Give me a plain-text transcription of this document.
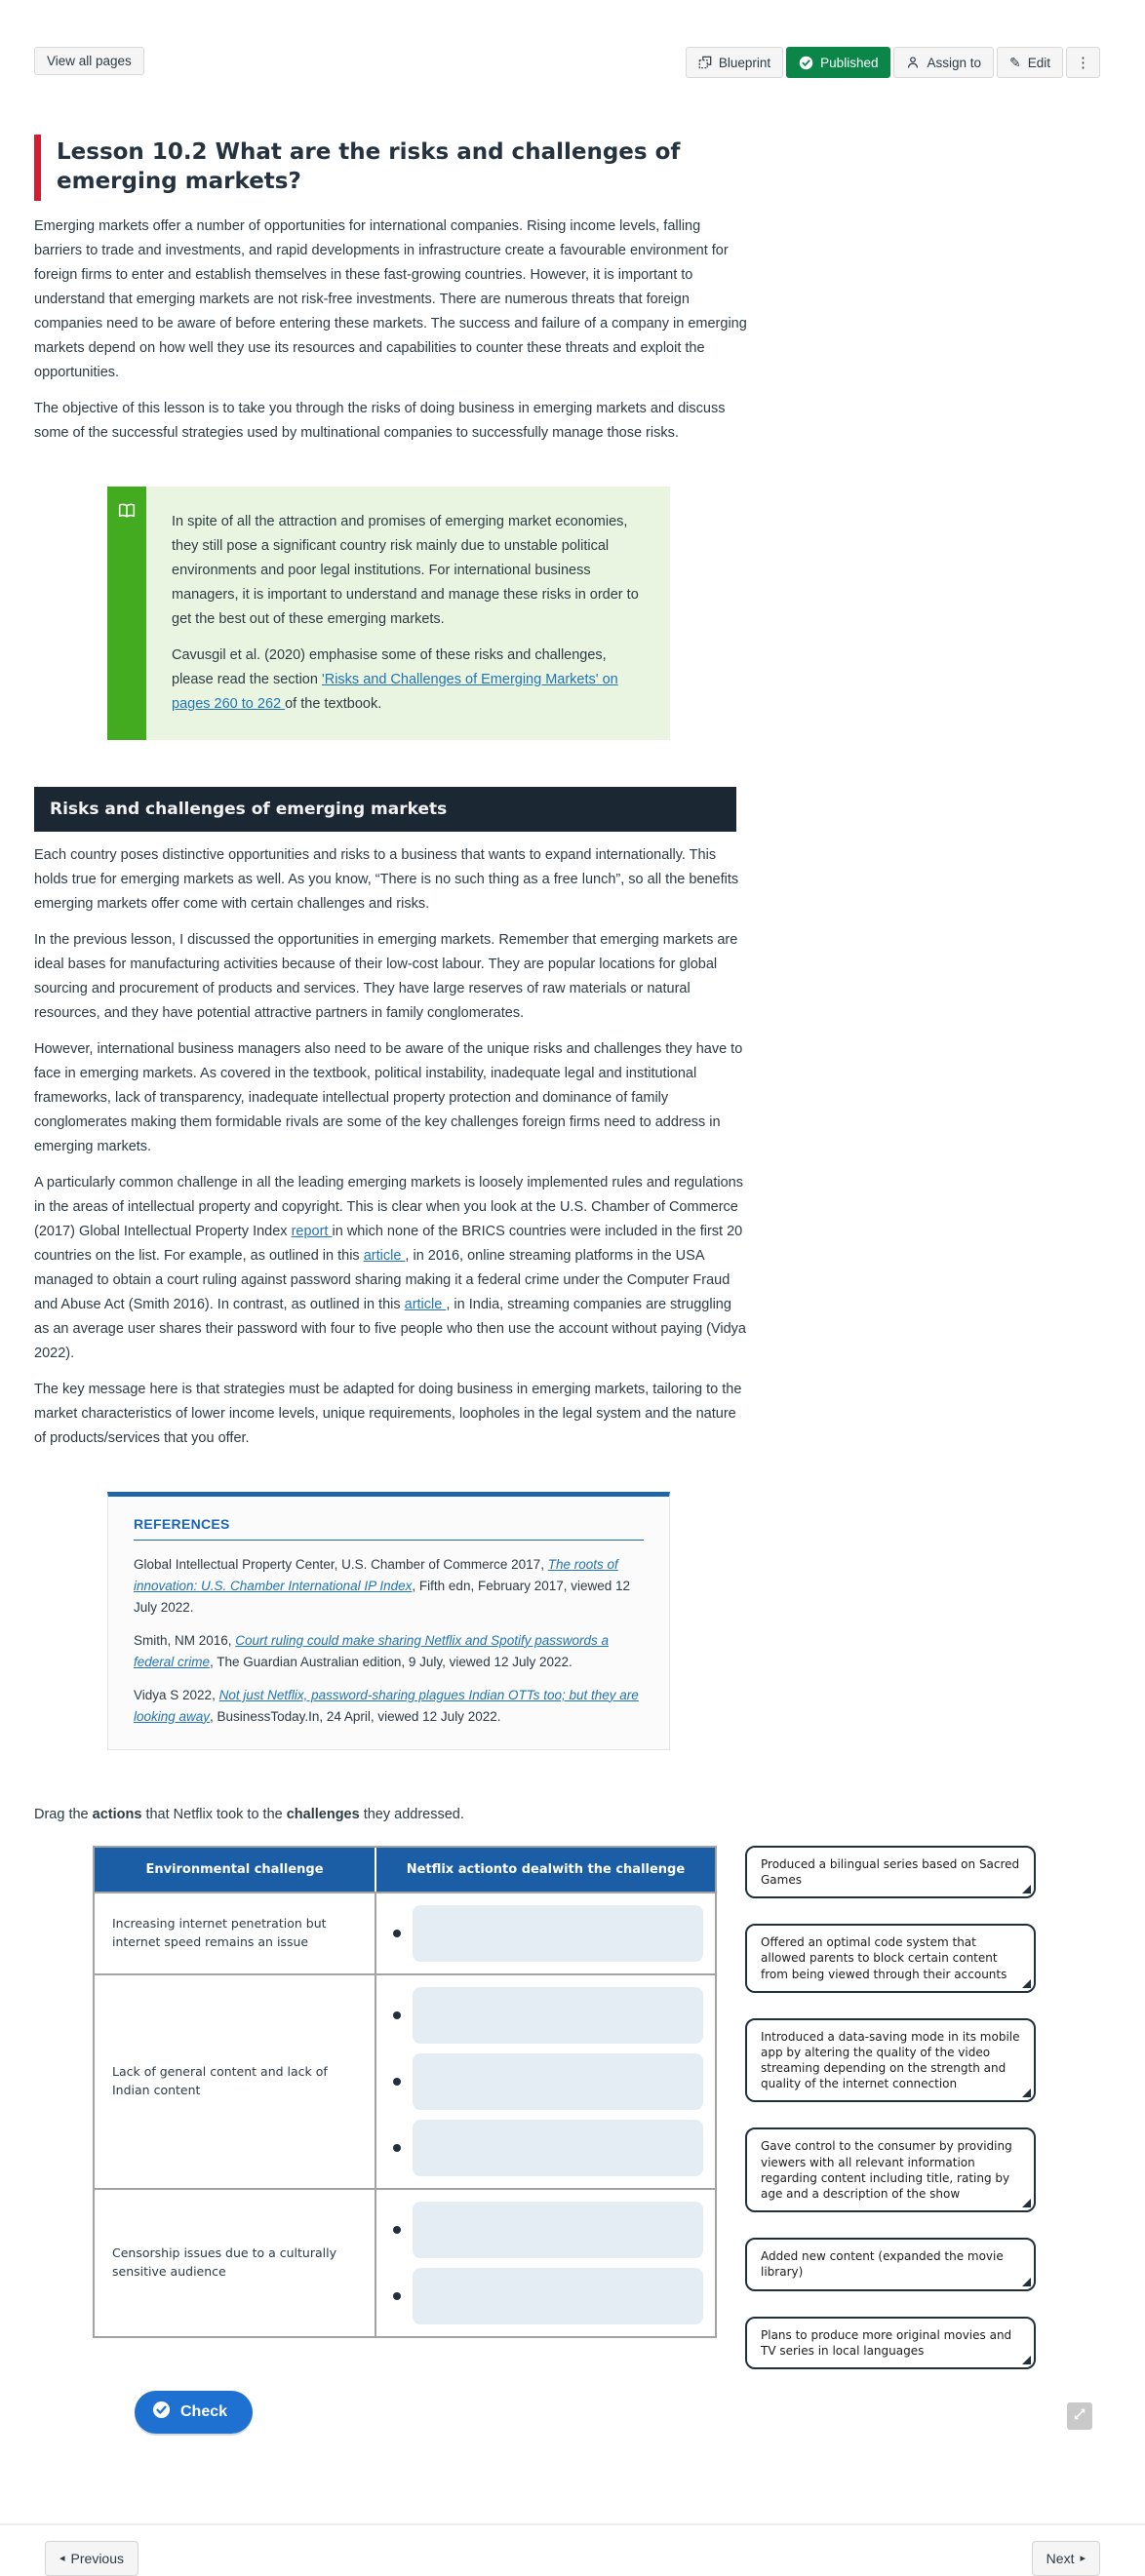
View all pages	Blueprint	Published	Assign to ✎ Edit	⋮
Lesson 10.2 What are the risks and challenges of emerging markets?

Emerging markets offer a number of opportunities for international companies. Rising income levels, falling barriers to trade and investments, and rapid developments in infrastructure create a favourable environment for foreign firms to enter and establish themselves in these fast-growing countries. However, it is important to understand that emerging markets are not risk-free investments. There are numerous threats that foreign companies need to be aware of before entering these markets. The success and failure of a company in emerging markets depend on how well they use its resources and capabilities to counter these threats and exploit the opportunities.

The objective of this lesson is to take you through the risks of doing business in emerging markets and discuss some of the successful strategies used by multinational companies to successfully manage those risks.

In spite of all the attraction and promises of emerging market economies, they still pose a significant country risk mainly due to unstable political environments and poor legal institutions. For international business managers, it is important to understand and manage these risks in order to get the best out of these emerging markets.

Cavusgil et al. (2020) emphasise some of these risks and challenges, please read the section 'Risks and Challenges of Emerging Markets' on pages 260 to 262 of the textbook.

Risks and challenges of emerging markets

Each country poses distinctive opportunities and risks to a business that wants to expand internationally. This holds true for emerging markets as well. As you know, “There is no such thing as a free lunch”, so all the benefits emerging markets offer come with certain challenges and risks.

In the previous lesson, I discussed the opportunities in emerging markets. Remember that emerging markets are ideal bases for manufacturing activities because of their low-cost labour. They are popular locations for global sourcing and procurement of products and services. They have large reserves of raw materials or natural resources, and they have potential attractive partners in family conglomerates.

However, international business managers also need to be aware of the unique risks and challenges they have to face in emerging markets. As covered in the textbook, political instability, inadequate legal and institutional frameworks, lack of transparency, inadequate intellectual property protection and dominance of family conglomerates making them formidable rivals are some of the key challenges foreign firms need to address in emerging markets.

A particularly common challenge in all the leading emerging markets is loosely implemented rules and regulations in the areas of intellectual property and copyright. This is clear when you look at the U.S. Chamber of Commerce (2017) Global Intellectual Property Index report in which none of the BRICS countries were included in the first 20 countries on the list. For example, as outlined in this article , in 2016, online streaming platforms in the USA managed to obtain a court ruling against password sharing making it a federal crime under the Computer Fraud and Abuse Act (Smith 2016). In contrast, as outlined in this article , in India, streaming companies are struggling as an average user shares their password with four to five people who then use the account without paying (Vidya 2022).

The key message here is that strategies must be adapted for doing business in emerging markets, tailoring to the market characteristics of lower income levels, unique requirements, loopholes in the legal system and the nature of products/services that you offer.

REFERENCES

Global Intellectual Property Center, U.S. Chamber of Commerce 2017, The roots of innovation: U.S. Chamber International IP Index, Fifth edn, February 2017, viewed 12 July 2022.

Smith, NM 2016, Court ruling could make sharing Netflix and Spotify passwords a federal crime, The Guardian Australian edition, 9 July, viewed 12 July 2022.

Vidya S 2022, Not just Netflix, password-sharing plagues Indian OTTs too; but they are looking away, BusinessToday.In, 24 April, viewed 12 July 2022.

Drag the actions that Netflix took to the challenges they addressed.

Environmental challenge	Netflix actionto dealwith the challenge
Increasing internet penetration but internet speed remains an issue
Lack of general content and lack of Indian content
Censorship issues due to a culturally sensitive audience
Produced a bilingual series based on Sacred Games
Offered an optimal code system that allowed parents to block certain content from being viewed through their accounts
Introduced a data-saving mode in its mobile app by altering the quality of the video streaming depending on the strength and quality of the internet connection
Gave control to the consumer by providing viewers with all relevant information regarding content including title, rating by age and a description of the show
Added new content (expanded the movie library)
Plans to produce more original movies and TV series in local languages
Check
◂ Previous	Next ▸
